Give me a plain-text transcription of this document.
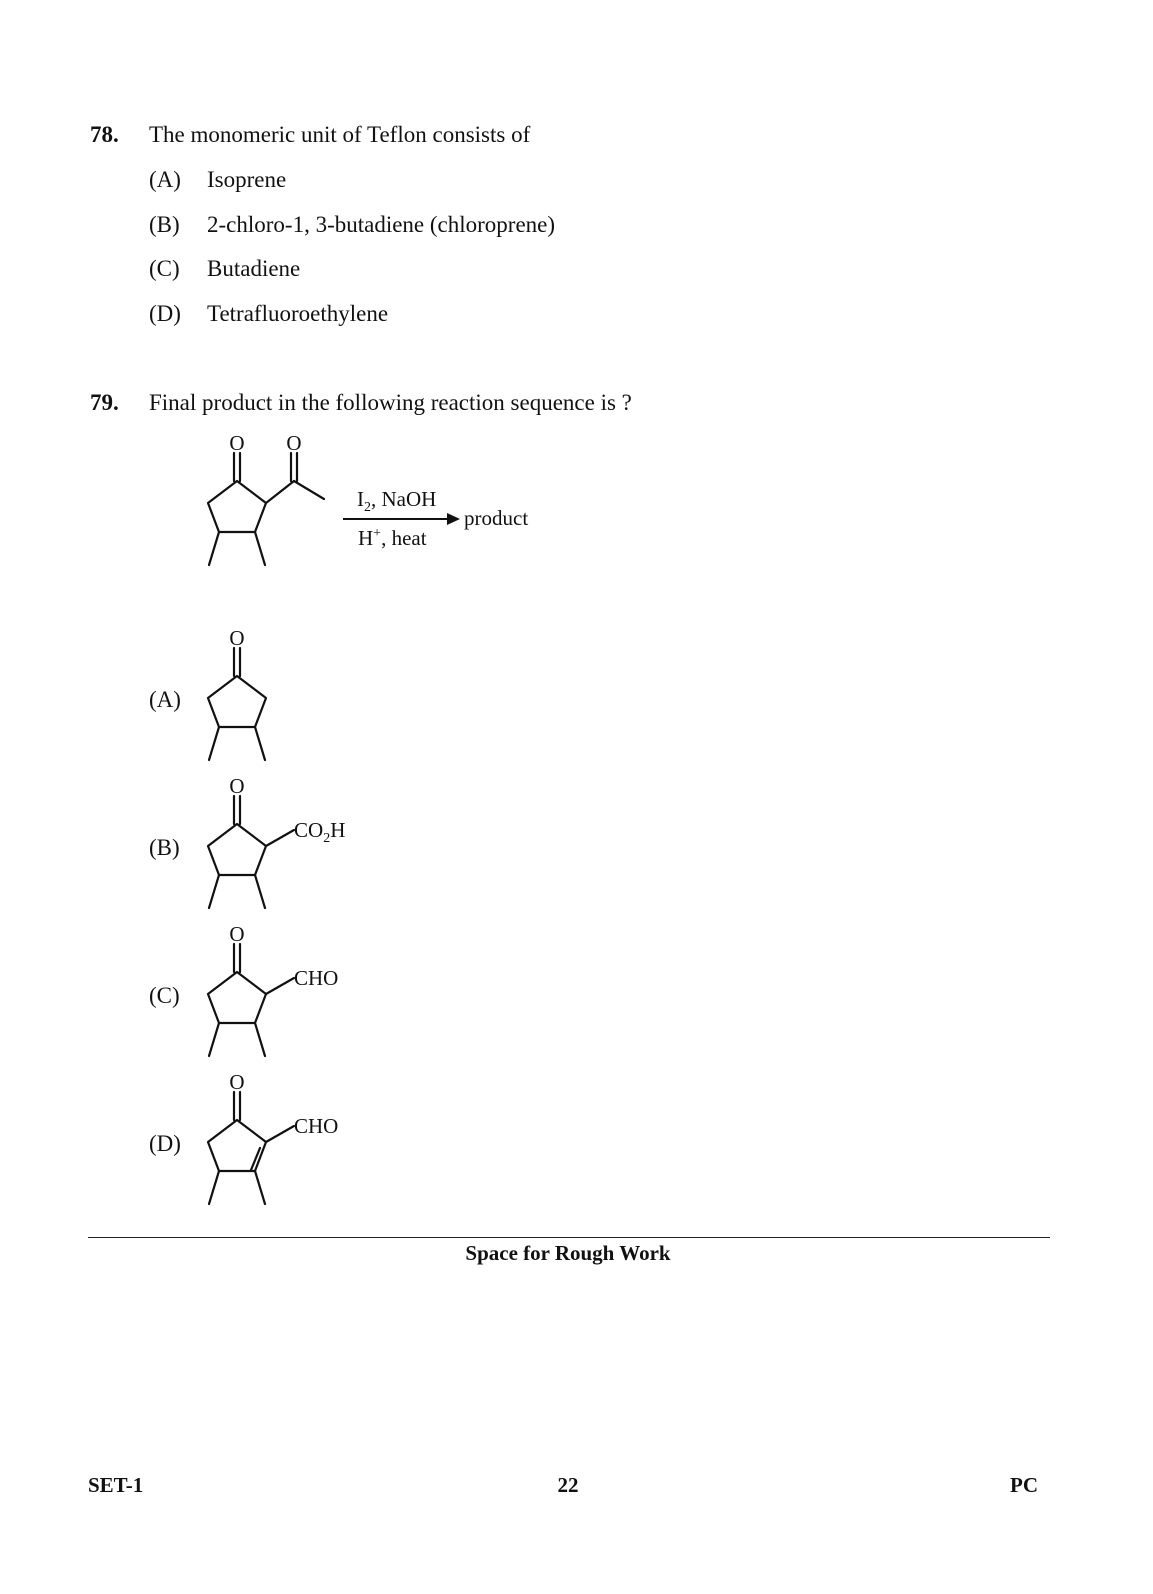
78. The monomeric unit of Teflon consists of
(A) Isoprene
(B) 2-chloro-1, 3-butadiene (chloroprene)
(C) Butadiene
(D) Tetrafluoroethylene
79. Final product in the following reaction sequence is ?
O O
$I_2$, NaOH
H+, heat
product
(A)
O
(B)
O
$CO_2H$
(C)
O
CHO
(D)
O
CHO
Space for Rough Work
SET-1	22	PC
